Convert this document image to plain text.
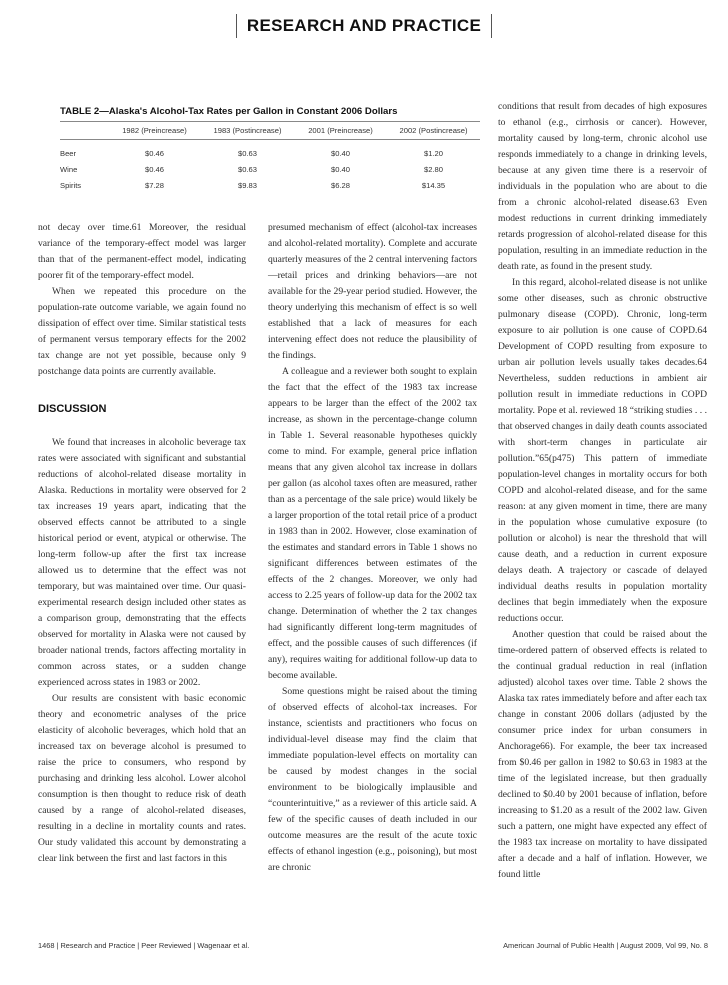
RESEARCH AND PRACTICE
TABLE 2—Alaska's Alcohol-Tax Rates per Gallon in Constant 2006 Dollars
1982 (Preincrease)	1983 (Postincrease)	2001 (Preincrease)	2002 (Postincrease)
Beer	$0.46	$0.63	$0.40	$1.20
Wine	$0.46	$0.63	$0.40	$2.80
Spirits	$7.28	$9.83	$6.28	$14.35

not decay over time.61 Moreover, the residual variance of the temporary-effect model was larger than that of the permanent-effect model, indicating poorer fit of the temporary-effect model.

When we repeated this procedure on the population-rate outcome variable, we again found no dissipation of effect over time. Similar statistical tests of permanent versus temporary effects for the 2002 tax change are not yet possible, because only 9 postchange data points are currently available.

DISCUSSION

We found that increases in alcoholic beverage tax rates were associated with significant and substantial reductions of alcohol-related disease mortality in Alaska. Reductions in mortality were observed for 2 tax increases 19 years apart, indicating that the observed effects cannot be attributed to a single historical period or event, atypical or otherwise. The long-term follow-up after the first tax increase allowed us to determine that the effect was not temporary, but was maintained over time. Our quasi-experimental research design included other states as a comparison group, demonstrating that the effects observed for mortality in Alaska were not caused by broader national trends, factors affecting mortality in common across states, or a sudden change experienced across states in 1983 or 2002.

Our results are consistent with basic economic theory and econometric analyses of the price elasticity of alcoholic beverages, which hold that an increased tax on beverage alcohol is presumed to raise the price to consumers, who respond by purchasing and drinking less alcohol. Lower alcohol consumption is then thought to reduce risk of death caused by a range of alcohol-related diseases, resulting in a decline in mortality counts and rates. Our study validated this account by demonstrating a clear link between the first and last factors in this

presumed mechanism of effect (alcohol-tax increases and alcohol-related mortality). Complete and accurate quarterly measures of the 2 central intervening factors—retail prices and drinking behaviors—are not available for the 29-year period studied. However, the theory underlying this mechanism of effect is so well established that a lack of measures for each intervening effect does not reduce the plausibility of the findings.

A colleague and a reviewer both sought to explain the fact that the effect of the 1983 tax increase appears to be larger than the effect of the 2002 tax increase, as shown in the percentage-change column in Table 1. Several reasonable hypotheses quickly come to mind. For example, general price inflation means that any given alcohol tax increase in dollars per gallon (as alcohol taxes often are measured, rather than as a percentage of the sale price) would likely be a larger proportion of the total retail price of a product in 1983 than in 2002. However, close examination of the estimates and standard errors in Table 1 shows no significant differences between estimates of the effects of the 2 changes. Moreover, we only had access to 2.25 years of follow-up data for the 2002 tax change. Determination of whether the 2 tax changes had significantly different long-term magnitudes of effect, and the possible causes of such differences (if any), requires waiting for additional follow-up data to become available.

Some questions might be raised about the timing of observed effects of alcohol-tax increases. For instance, scientists and practitioners who focus on individual-level disease may find the claim that immediate population-level effects on mortality can be caused by modest changes in the social environment to be biologically implausible and “counterintuitive,” as a reviewer of this article said. A few of the specific causes of death included in our outcome measures are the result of the acute toxic effects of ethanol ingestion (e.g., poisoning), but most are chronic

conditions that result from decades of high exposures to ethanol (e.g., cirrhosis or cancer). However, mortality caused by long-term, chronic alcohol use responds immediately to a change in drinking levels, because at any given time there is a reservoir of individuals in the population who are about to die from a chronic alcohol-related disease.63 Even modest reductions in current drinking immediately retards progression of alcohol-related disease for this population, resulting in an immediate reduction in the death rate, as found in the present study.

In this regard, alcohol-related disease is not unlike some other diseases, such as chronic obstructive pulmonary disease (COPD). Chronic, long-term exposure to air pollution is one cause of COPD.64 Development of COPD resulting from exposure to urban air pollution levels usually takes decades.64 Nevertheless, sudden reductions in ambient air pollution result in immediate reductions in COPD mortality. Pope et al. reviewed 18 “striking studies . . . that observed changes in daily death counts associated with short-term changes in particulate air pollution.”65(p475) This pattern of immediate population-level changes in mortality occurs for both COPD and alcohol-related disease, and for the same reason: at any given moment in time, there are many in the population whose cumulative exposure (to pollution or alcohol) is near the threshold that will cause death, and a reduction in current exposure delays death. A trajectory or cascade of delayed individual deaths results in population mortality declines that begin immediately when the exposure reductions occur.

Another question that could be raised about the time-ordered pattern of observed effects is related to the continual gradual reduction in real (inflation adjusted) alcohol taxes over time. Table 2 shows the Alaska tax rates immediately before and after each tax change in constant 2006 dollars (adjusted by the consumer price index for urban consumers in Anchorage66). For example, the beer tax increased from $0.46 per gallon in 1982 to $0.63 in 1983 at the time of the legislated increase, but then gradually declined to $0.40 by 2001 because of inflation, before increasing to $1.20 as a result of the 2002 law. Given such a pattern, one might have expected any effect of the 1983 tax increase on mortality to have dissipated after a decade and a half of inflation. However, we found little

1468 | Research and Practice | Peer Reviewed | Wagenaar et al.	American Journal of Public Health | August 2009, Vol 99, No. 8
